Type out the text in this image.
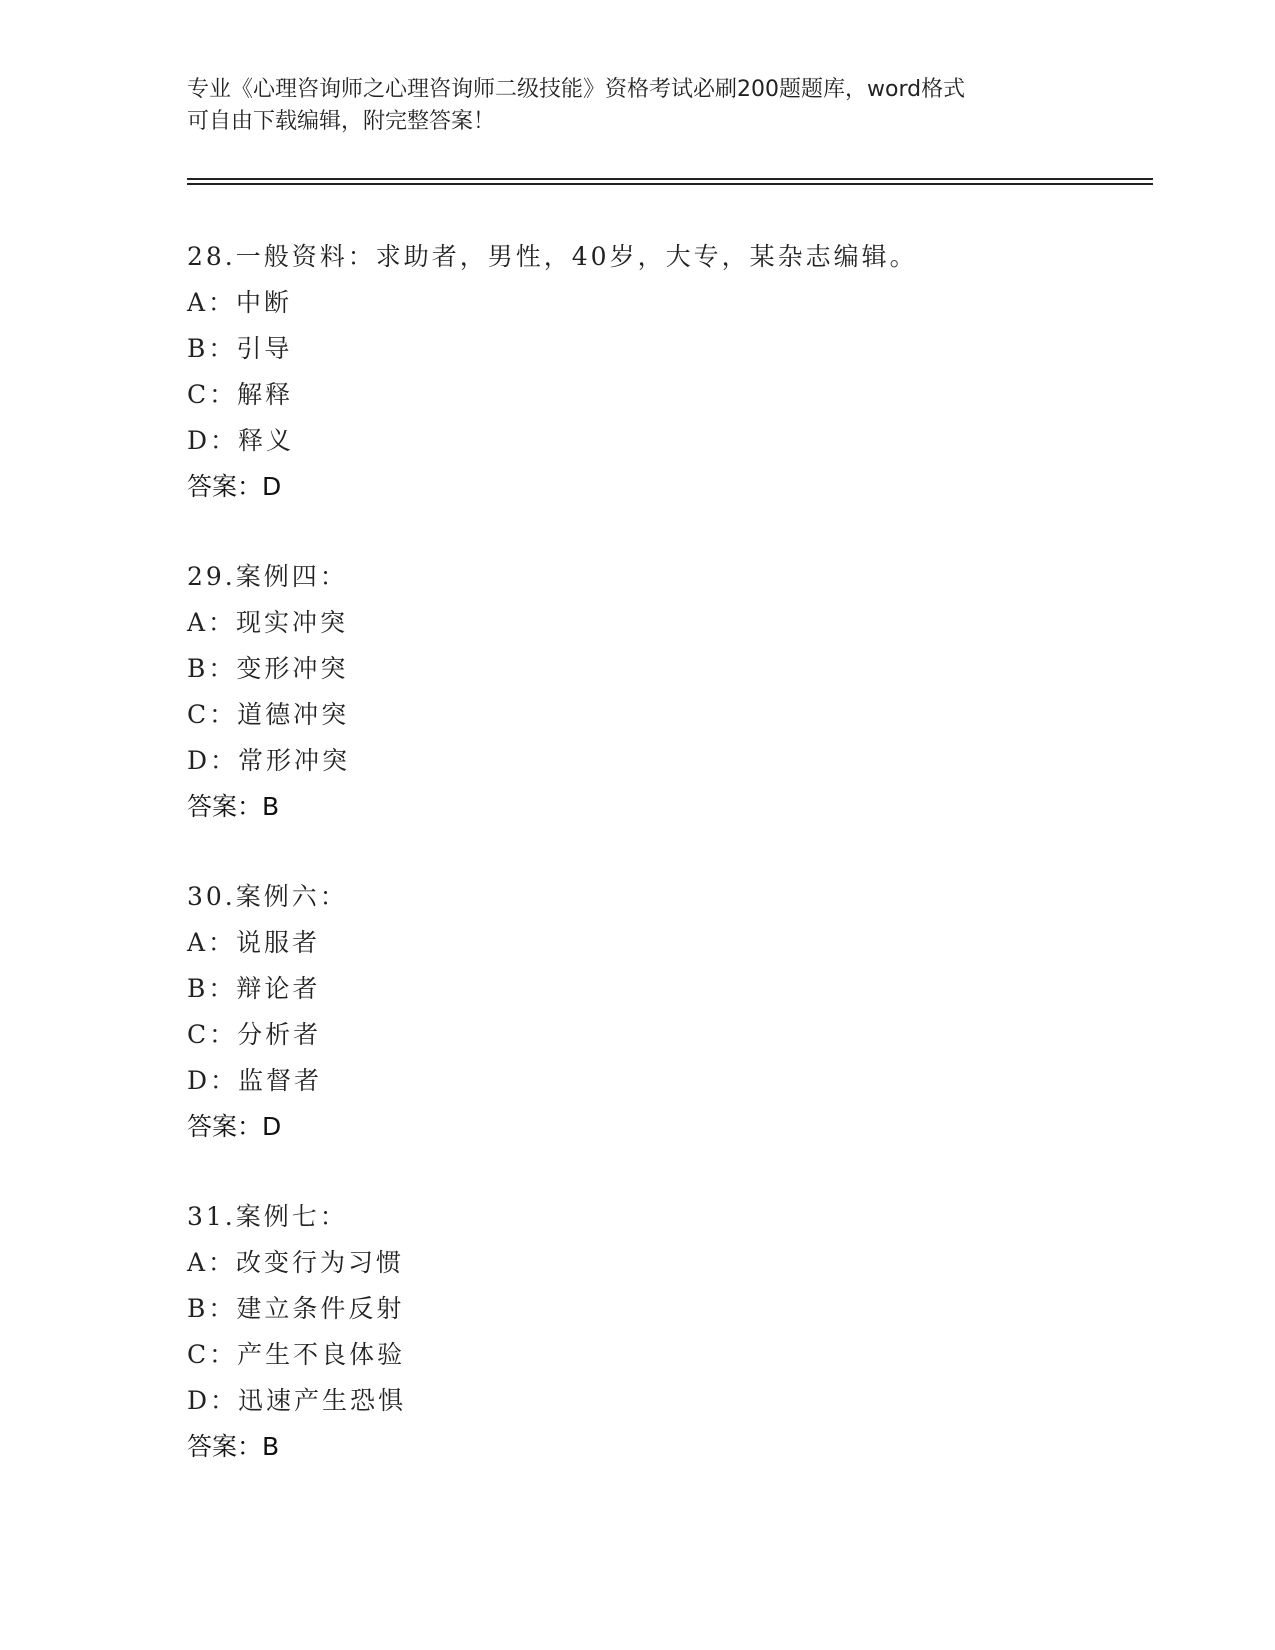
专业《心理咨询师之心理咨询师二级技能》资格考试必刷200题题库，word格式
可自由下载编辑，附完整答案！
28.一般资料：求助者，男性，40岁，大专，某杂志编辑。
A：中断
B：引导
C：解释
D：释义
答案：D
29.案例四：
A：现实冲突
B：变形冲突
C：道德冲突
D：常形冲突
答案：B
30.案例六：
A：说服者
B：辩论者
C：分析者
D：监督者
答案：D
31.案例七：
A：改变行为习惯
B：建立条件反射
C：产生不良体验
D：迅速产生恐惧
答案：B
